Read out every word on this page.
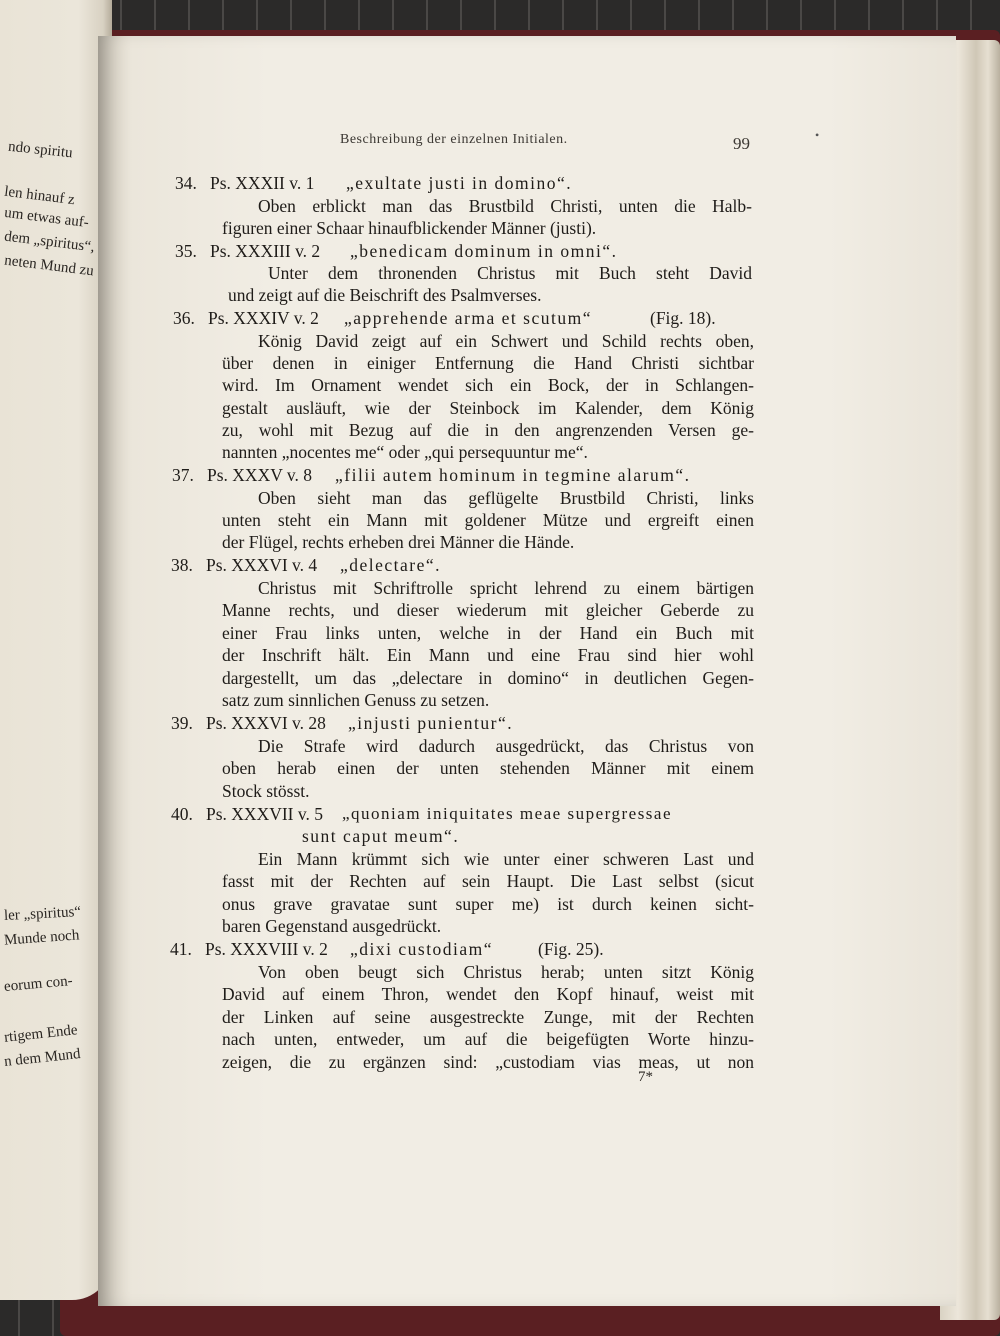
ndo spiritu
len hinauf z
um etwas auf-
dem „spiritus“,
neten Mund zu
ler „spiritus“
Munde noch
eorum con-
rtigem Ende
n dem Mund
Beschreibung der einzelnen Initialen.	99	•
34. Ps. XXXII v. 1 „exultate justi in domino“.
Oben erblickt man das Brustbild Christi, unten die Halb-
figuren einer Schaar hinaufblickender Männer (justi).
35. Ps. XXXIII v. 2 „benedicam dominum in omni“.
Unter dem thronenden Christus mit Buch steht David
und zeigt auf die Beischrift des Psalmverses.
36. Ps. XXXIV v. 2 „apprehende arma et scutum“	(Fig. 18).
König David zeigt auf ein Schwert und Schild rechts oben,
über denen in einiger Entfernung die Hand Christi sichtbar
wird. Im Ornament wendet sich ein Bock, der in Schlangen-
gestalt ausläuft, wie der Steinbock im Kalender, dem König
zu, wohl mit Bezug auf die in den angrenzenden Versen ge-
nannten „nocentes me“ oder „qui persequuntur me“.
37. Ps. XXXV v. 8 „filii autem hominum in tegmine alarum“.
Oben sieht man das geflügelte Brustbild Christi, links
unten steht ein Mann mit goldener Mütze und ergreift einen
der Flügel, rechts erheben drei Männer die Hände.
38. Ps. XXXVI v. 4 „delectare“.
Christus mit Schriftrolle spricht lehrend zu einem bärtigen
Manne rechts, und dieser wiederum mit gleicher Geberde zu
einer Frau links unten, welche in der Hand ein Buch mit
der Inschrift hält. Ein Mann und eine Frau sind hier wohl
dargestellt, um das „delectare in domino“ in deutlichen Gegen-
satz zum sinnlichen Genuss zu setzen.
39. Ps. XXXVI v. 28 „injusti punientur“.
Die Strafe wird dadurch ausgedrückt, das Christus von
oben herab einen der unten stehenden Männer mit einem
Stock stösst.
40. Ps. XXXVII v. 5 „quoniam iniquitates meae supergressae
sunt caput meum“.
Ein Mann krümmt sich wie unter einer schweren Last und
fasst mit der Rechten auf sein Haupt. Die Last selbst (sicut
onus grave gravatae sunt super me) ist durch keinen sicht-
baren Gegenstand ausgedrückt.
41. Ps. XXXVIII v. 2 „dixi custodiam“	(Fig. 25).
Von oben beugt sich Christus herab; unten sitzt König
David auf einem Thron, wendet den Kopf hinauf, weist mit
der Linken auf seine ausgestreckte Zunge, mit der Rechten
nach unten, entweder, um auf die beigefügten Worte hinzu-
zeigen, die zu ergänzen sind: „custodiam vias meas, ut non
7*
